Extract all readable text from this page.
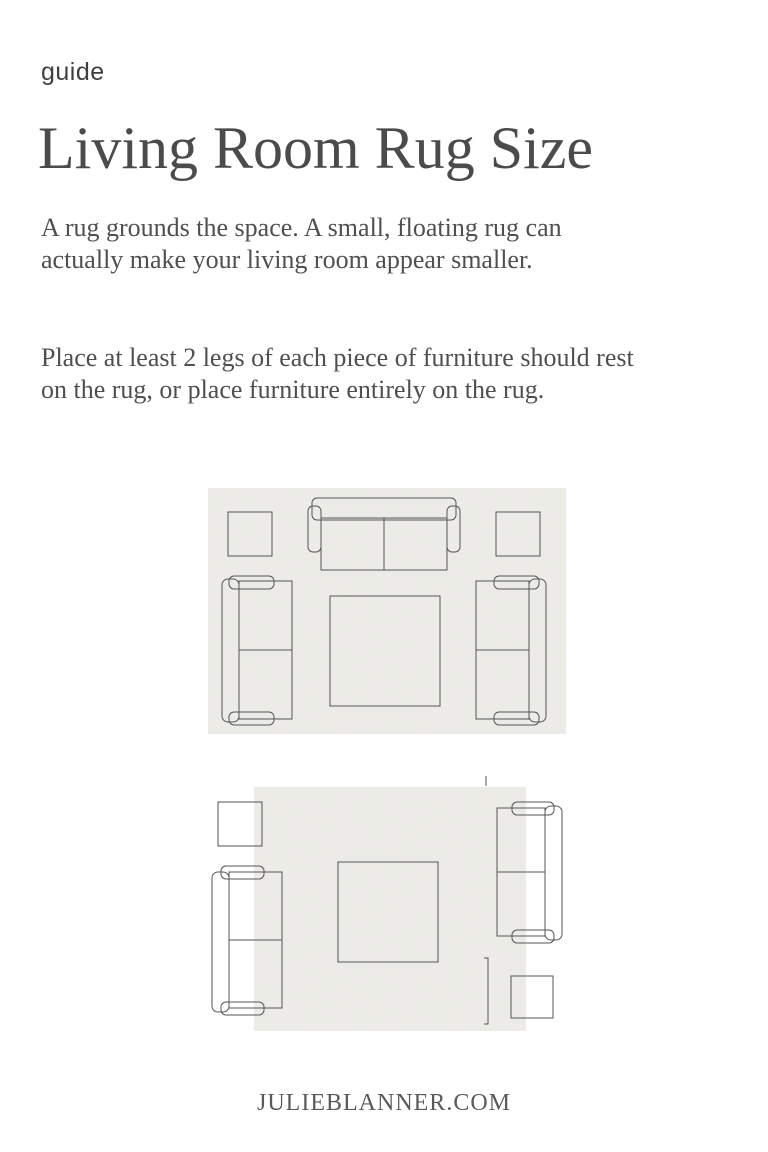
guide
Living Room Rug Size

A rug grounds the space. A small, floating rug can actually make your living room appear smaller.

Place at least 2 legs of each piece of furniture should rest on the rug, or place furniture entirely on the rug.

JULIEBLANNER.COM
